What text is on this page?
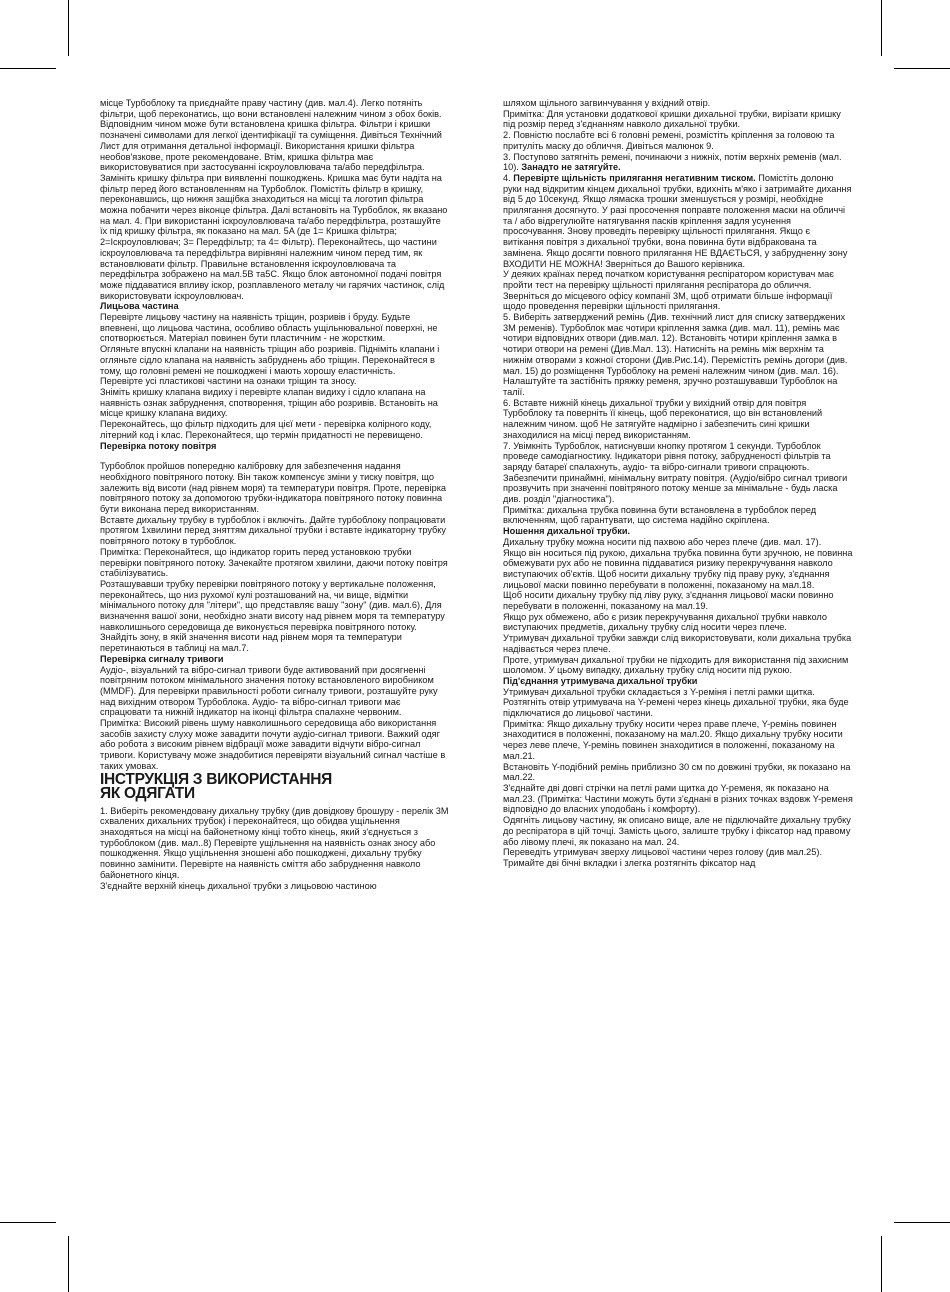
місце Турбоблоку та приєднайте праву частину (див. мал.4). Легко потяніть фільтри, щоб переконатись, що вони встановлені належним чином з обох боків. Відповідним чином може бути встановлена кришка фільтра. Фільтри і кришки позначені символами для легкої ідентифікації та суміщення. Дивіться Технічний Лист для отримання детальної інформації. Використання кришки фільтра необов'язкове, проте рекомендоване. Втім, кришка фільтра має використовуватися при застосуванні іскроуловлювача та/або передфільтра. Замініть кришку фільтра при виявленні пошкоджень. Кришка має бути надіта на фільтр перед його встановленням на Турбоблок. Помістіть фільтр в кришку, переконавшись, що нижня защібка знаходиться на місці та логотип фільтра можна побачити через віконце фільтра. Далі встановіть на Турбоблок, як вказано на мал. 4. При використанні іскроуловлювача та/або передфільтра, розташуйте їх під кришку фільтра, як показано на мал. 5A (де 1= Кришка фільтра; 2=Іскроуловлювач; 3= Передфільтр; та 4= Фільтр). Переконайтесь, що частини іскроуловлювача та передфільтра вирівняні належним чином перед тим, як встановлювати фільтр. Правильне встановлення іскроуловлювача та передфільтра зображено на мал.5B та5C. Якщо блок автономної подачі повітря може піддаватися впливу іскор, розплавленого металу чи гарячих частинок, слід використовувати іскроуловлювач.

Лицьова частина

Перевірте лицьову частину на наявність тріщин, розривів і бруду. Будьте впевнені, що лицьова частина, особливо область ущільнювальної поверхні, не спотворюється. Матеріал повинен бути пластичним - не жорстким.

Огляньте впускні клапани на наявність тріщин або розривів. Підніміть клапани і огляньте сідло клапана на наявність забруднень або тріщин. Переконайтеся в тому, що головні ремені не пошкоджені і мають хорошу еластичність.

Перевірте усі пластикові частини на ознаки тріщин та зносу.

Зніміть кришку клапана видиху і перевірте клапан видиху і сідло клапана на наявність ознак забруднення, спотворення, тріщин або розривів. Встановіть на місце кришку клапана видиху.

Переконайтесь, що фільтр підходить для цієї мети - перевірка колірного коду, літерний код і клас. Переконайтеся, що термін придатності не перевищено.

Перевірка потоку повітря

Турбоблок пройшов попередню калібровку для забезпечення надання необхідного повітряного потоку. Він також компенсує зміни у тиску повітря, що залежить від висоти (над рівнем моря) та температури повітря. Проте, перевірка повітряного потоку за допомогою трубки-індикатора повітряного потоку повинна бути виконана перед використанням.

Вставте дихальну трубку в турбоблок і включіть. Дайте турбоблоку попрацювати протягом 1хвилини перед зняттям дихальної трубки і вставте індикаторну трубку повітряного потоку в турбоблок.

Примітка: Переконайтеся, що індикатор горить перед установкою трубки перевірки повітряного потоку. Зачекайте протягом хвилини, даючи потоку повітря стабілізуватись.

Розташувавши трубку перевірки повітряного потоку у вертикальне положення, переконайтесь, що низ рухомої кулі розташований на, чи вище, відмітки мінімального потоку для "літери", що представляє вашу "зону" (див. мал.6), Для визначення вашої зони, необхідно знати висоту над рівнем моря та температуру навколишнього середовища де виконується перевірка повітряного потоку. Знайдіть зону, в якій значення висоти над рівнем моря та температури перетинаються в таблиці на мал.7.

Перевірка сигналу тривоги

Аудіо-, візуальний та вібро-сигнал тривоги буде активований при досягненні повітряним потоком мінімального значення потоку встановленого виробником (MMDF). Для перевірки правильності роботи сигналу тривоги, розташуйте руку над вихідним отвором Турбоблока. Аудіо- та вібро-сигнал тривоги має спрацювати та нижній індикатор на іконці фільтра спалахне червоним.

Примітка: Високий рівень шуму навколишнього середовища або використання засобів захисту слуху може завадити почути аудіо-сигнал тривоги. Важкий одяг або робота з високим рівнем відбрації може завадити відчути вібро-сигнал тривоги. Користувачу може знадобитися перевіряти візуальний сигнал частіше в таких умовах.

ІНСТРУКЦІЯ З ВИКОРИСТАННЯ
ЯК ОДЯГАТИ

1. Виберіть рекомендовану дихальну трубку (див довідкову брошуру - перелік 3М схвалених дихальних трубок) і переконайтеся, що обидва ущільнення знаходяться на місці на байонетному кінці тобто кінець, який з'єднується з турбоблоком (див. мал..8) Перевірте ущільнення на наявність ознак зносу або пошкодження. Якщо ущільнення зношені або пошкоджені, дихальну трубку повинно замінити. Перевірте на наявність сміття або забруднення навколо байонетного кінця.

З'єднайте верхній кінець дихальної трубки з лицьовою частиною

шляхом щільного загвинчування у вхідний отвір.

Примітка: Для установки додаткової кришки дихальної трубки, вирізати кришку під розмір перед з'єднанням навколо дихальної трубки.

2. Повністю послабте всі 6 головні ремені, розмістіть кріплення за головою та притуліть маску до обличчя. Дивіться малюнок 9.

3. Поступово затягніть ремені, починаючи з нижніх, потім верхніх ременів (мал. 10). Занадто не затягуйте.

4. Перевірте щільність прилягання негативним тиском. Помістіть долоню руки над відкритим кінцем дихальної трубки, вдихніть м'яко і затримайте дихання від 5 до 10секунд. Якщо лямаска трошки зменшується у розмірі, необхідне прилягання досягнуто. У разі просочення поправте положення маски на обличчі та / або відрегулюйте натягування пасків кріплення задля усунення просочування. Знову проведіть перевірку щільності прилягання. Якщо є витікання повітря з дихальної трубки, вона повинна бути відбракована та замінена. Якщо досягти повного прилягання НЕ ВДАЄТЬСЯ, у забрудненну зону ВХОДИТИ НЕ МОЖНА! Зверніться до Вашого керівника.

У деяких країнах перед початком користування респіратором користувач має пройти тест на перевірку щільності прилягання респіратора до обличчя.

Зверніться до місцевого офісу компанії 3М, щоб отримати більше інформації щодо проведення перевірки щільності прилягання.

5. Виберіть затверджений ремінь (Див. технічний лист для списку затверджених 3М ременів). Турбоблок має чотири кріплення замка (див. мал. 11), ремінь має чотири відповідних отвори (див.мал. 12). Встановіть чотири кріплення замка в чотири отвори на ремені (Див.Мал. 13). Натисніть на ремінь між верхнім та нижнім отворами з кожної сторони (Див.Рис.14). Перемістіть ремінь догори (див. мал. 15) до розміщення Турбоблоку на ремені належним чином (див. мал. 16). Налаштуйте та застібніть пряжку ременя, зручно розташувавши Турбоблок на талії.

6. Вставте нижній кінець дихальної трубки у вихідний отвір для повітря Турбоблоку та поверніть її кінець, щоб переконатися, що він встановлений належним чином. щоб Не затягуйте надмірно і забезпечить сині кришки знаходилися на місці перед використанням.

7. Увімкніть Турбоблок, натиснувши кнопку протягом 1 секунди. Турбоблок проведе самодіагностику. Індикатори рівня потоку, забрудненості фільтрів та заряду батареї спалахнуть, аудіо- та вібро-сигнали тривоги спрацюють. Забезпечити принаймні, мінімальну витрату повітря. (Аудіо/вібро сигнал тривоги прозвучить при значенні повітряного потоку менше за мінімальне - будь ласка див. розділ "діагностика").

Примітка: дихальна трубка повинна бути встановлена в турбоблок перед включенням, щоб гарантувати, що система надійно скріплена.

Ношення дихальної трубки.

Дихальну трубку можна носити під пахвою або через плече (див. мал. 17).

Якщо він носиться під рукою, дихальна трубка повинна бути зручною, не повинна обмежувати рух або не повинна піддаватися ризику перекручування навколо виступаючих об'єктів. Щоб носити дихальну трубку під праву руку, з'єднання лицьової маски повинно перебувати в положенні, показаному на мал.18.

Щоб носити дихальну трубку під ліву руку, з'єднання лицьової маски повинно перебувати в положенні, показаному на мал.19.

Якщо рух обмежено, або є ризик перекручування дихальної трубки навколо виступаючих предметів, дихальну трубку слід носити через плече.

Утримувач дихальної трубки завжди слід використовувати, коли дихальна трубка надівається через плече.

Проте, утримувач дихальної трубки не підходить для використання під захисним шоломом. У цьому випадку, дихальну трубку слід носити під рукою.

Під'єднання утримувача дихальної трубки

Утримувач дихальної трубки складається з Y-реміня і петлі рамки щитка.

Розтягніть отвір утримувача на Y-ремені через кінець дихальної трубки, яка буде підключатися до лицьової частини.

Примітка: Якщо дихальну трубку носити через праве плече, Y-ремінь повинен знаходитися в положенні, показаному на мал.20. Якщо дихальну трубку носити через леве плече, Y-ремінь повинен знаходитися в положенні, показаному на мал.21.

Встановіть Y-подібний ремінь приблизно 30 см по довжині трубки, як показано на мал.22.

З'єднайте дві довгі стрічки на петлі рами щитка до Y-ременя, як показано на мал.23. (Примітка: Частини можуть бути з'єднані в різних точках вздовж Y-ременя відповідно до власних уподобань і комфорту).

Одягніть лицьову частину, як описано вище, але не підключайте дихальну трубку до респіратора в цій точці. Замість цього, залиште трубку і фіксатор над правому або лівому плечі, як показано на мал. 24.

Переведіть утримувач зверху лицьової частини через голову (див мал.25). Тримайте дві бічні вкладки і злегка розтягніть фіксатор над
